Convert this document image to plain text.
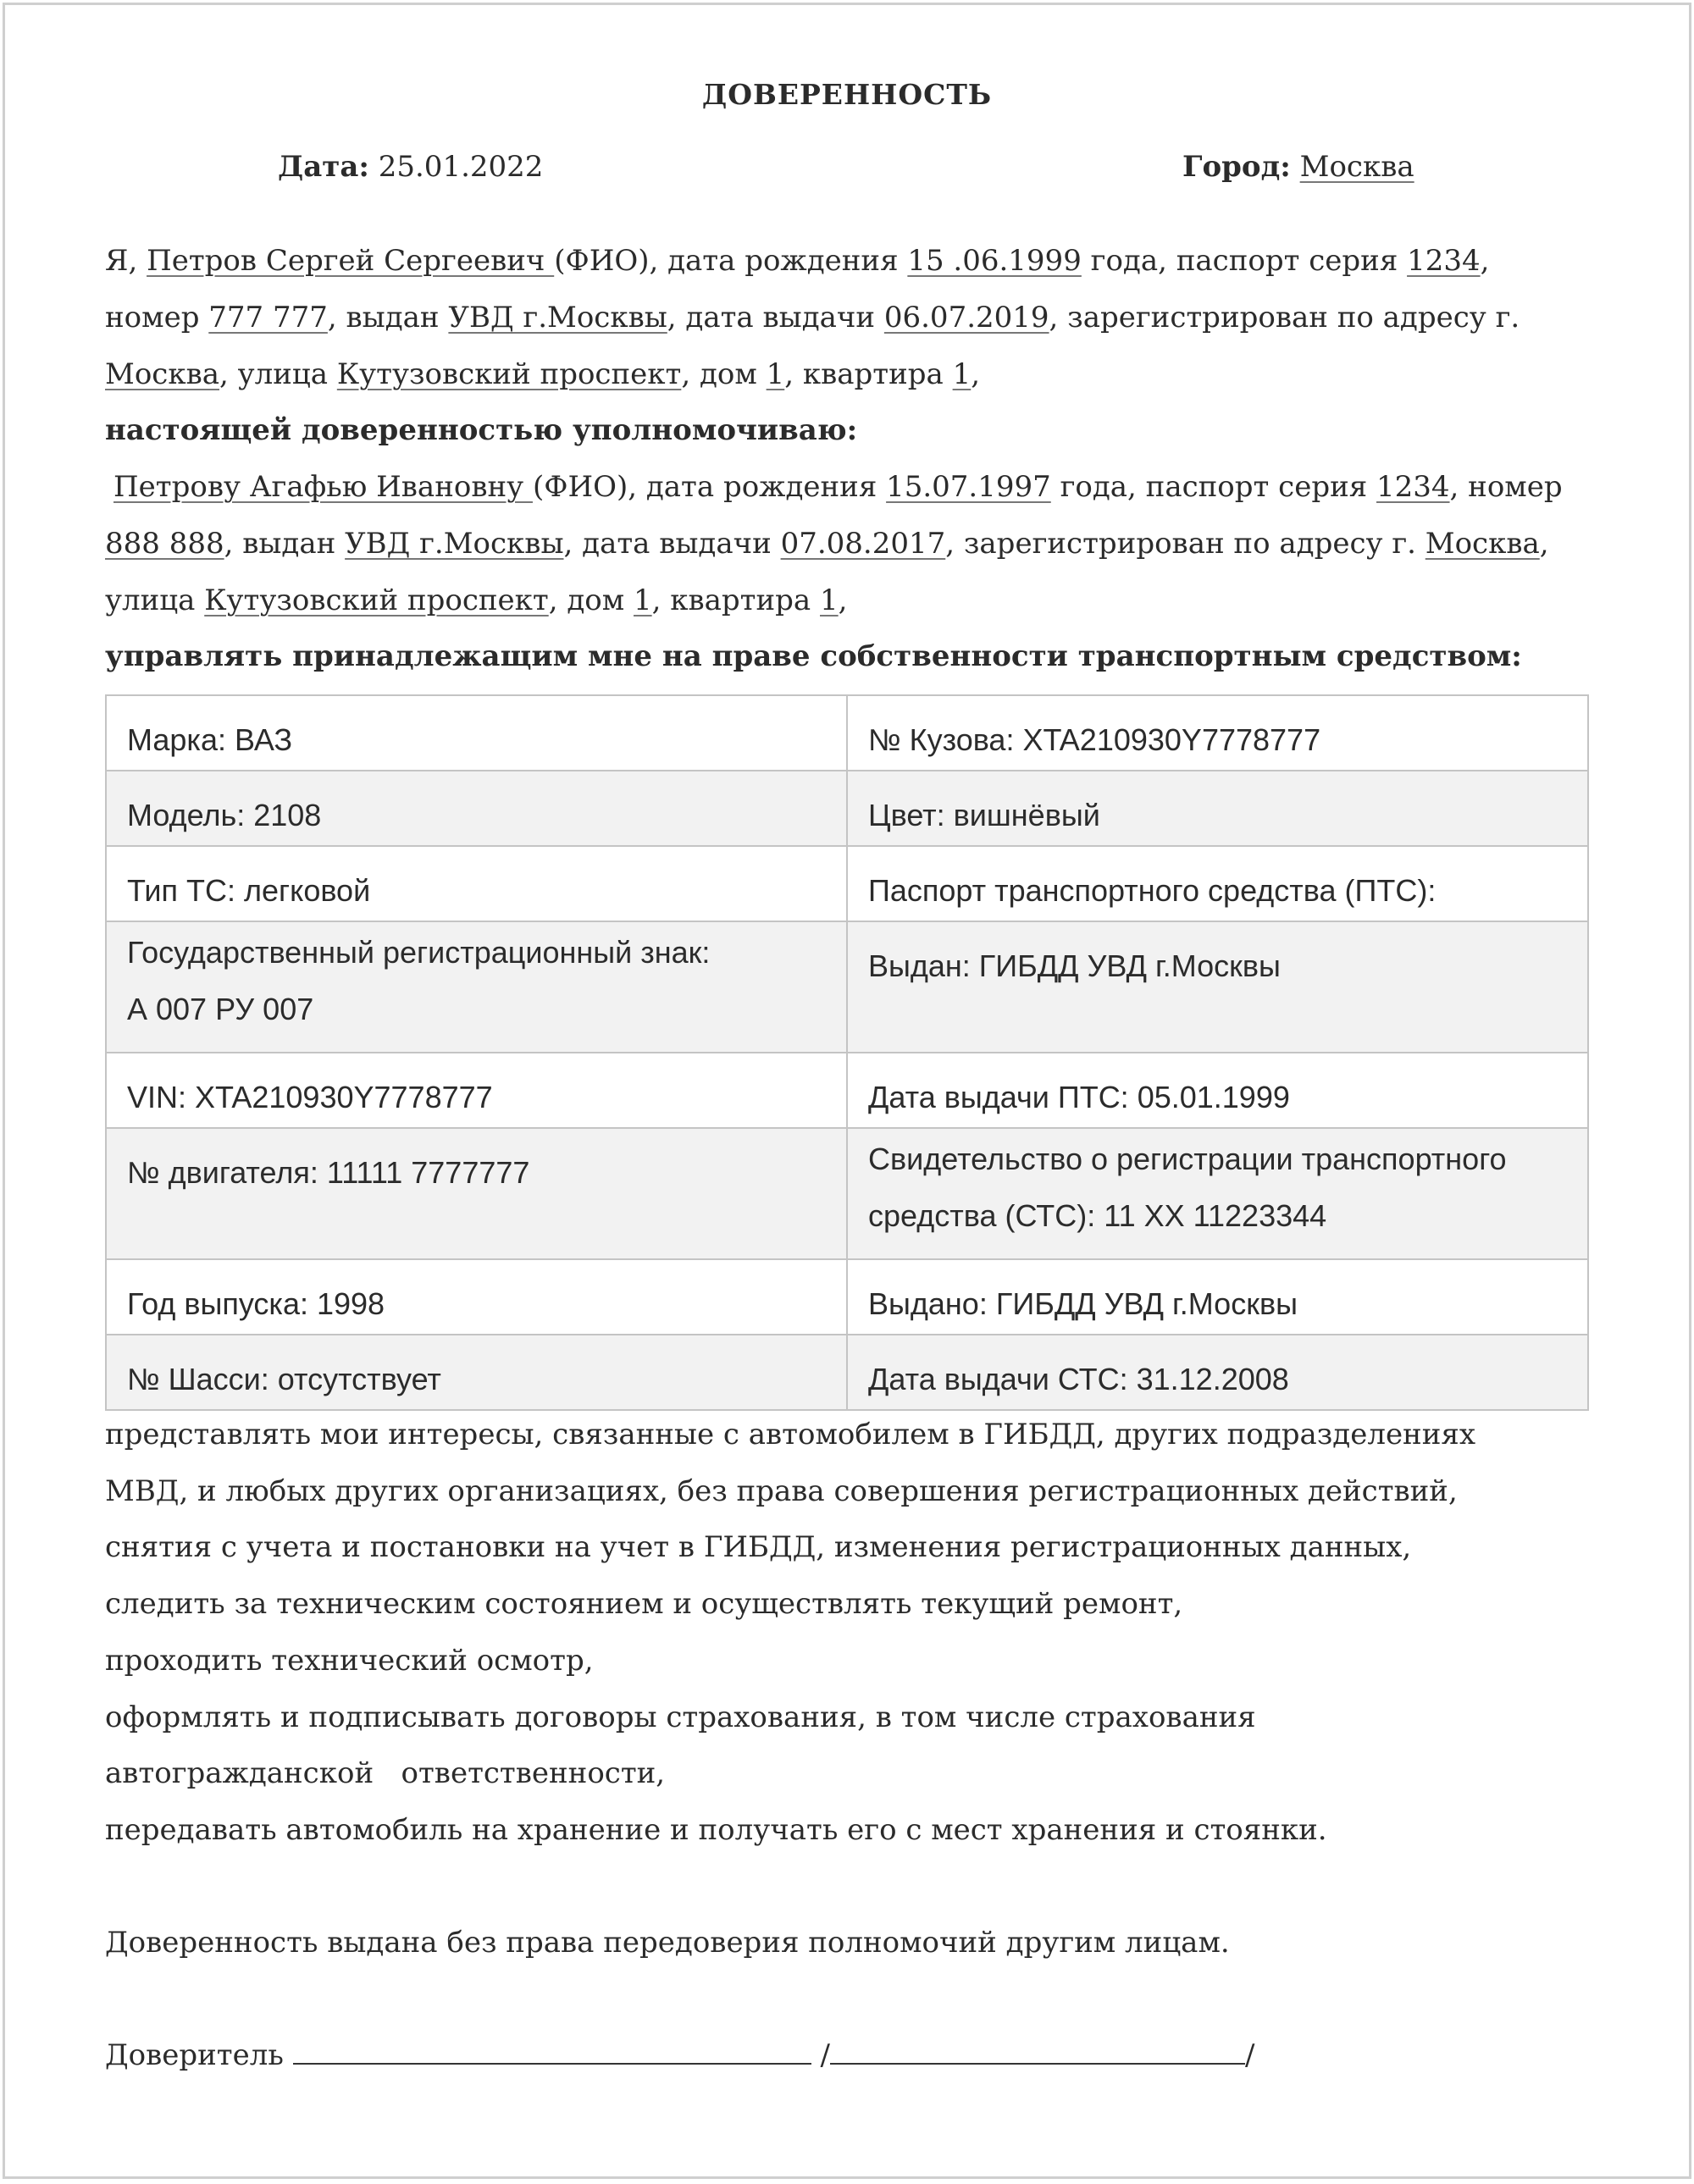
ДОВЕРЕННОСТЬ
Дата: 25.01.2022	Город: Москва
Я, Петров Сергей Сергеевич (ФИО), дата рождения 15 .06.1999 года, паспорт серия 1234,
номер 777 777, выдан УВД г.Москвы, дата выдачи 06.07.2019, зарегистрирован по адресу г.
Москва, улица Кутузовский проспект, дом 1, квартира 1,
настоящей доверенностью уполномочиваю:
Петрову Агафью Ивановну (ФИО), дата рождения 15.07.1997 года, паспорт серия 1234, номер
888 888, выдан УВД г.Москвы, дата выдачи 07.08.2017, зарегистрирован по адресу г. Москва,
улица Кутузовский проспект, дом 1, квартира 1,
управлять принадлежащим мне на праве собственности транспортным средством:
Марка: ВАЗ	№ Кузова: XTA210930Y7778777
Модель: 2108	Цвет: вишнёвый
Тип ТС: легковой	Паспорт транспортного средства (ПТС):

Государственный регистрационный знак:
А 007 РУ 007	Выдан: ГИБДД УВД г.Москвы
VIN: XTA210930Y7778777	Дата выдачи ПТС: 05.01.1999
№ двигателя: 11111 7777777	Свидетельство о регистрации транспортного
средства (СТС): 11 XX 11223344

Год выпуска: 1998	Выдано: ГИБДД УВД г.Москвы
№ Шасси: отсутствует	Дата выдачи СТС: 31.12.2008
представлять мои интересы, связанные с автомобилем в ГИБДД, других подразделениях
МВД, и любых других организациях, без права совершения регистрационных действий,
снятия с учета и постановки на учет в ГИБДД, изменения регистрационных данных,
следить за техническим состоянием и осуществлять текущий ремонт,
проходить технический осмотр,
оформлять и подписывать договоры страхования, в том числе страхования
автогражданской   ответственности,
передавать автомобиль на хранение и получать его с мест хранения и стоянки.
Доверенность выдана без права передоверия полномочий другим лицам.
Доверитель	/	/
